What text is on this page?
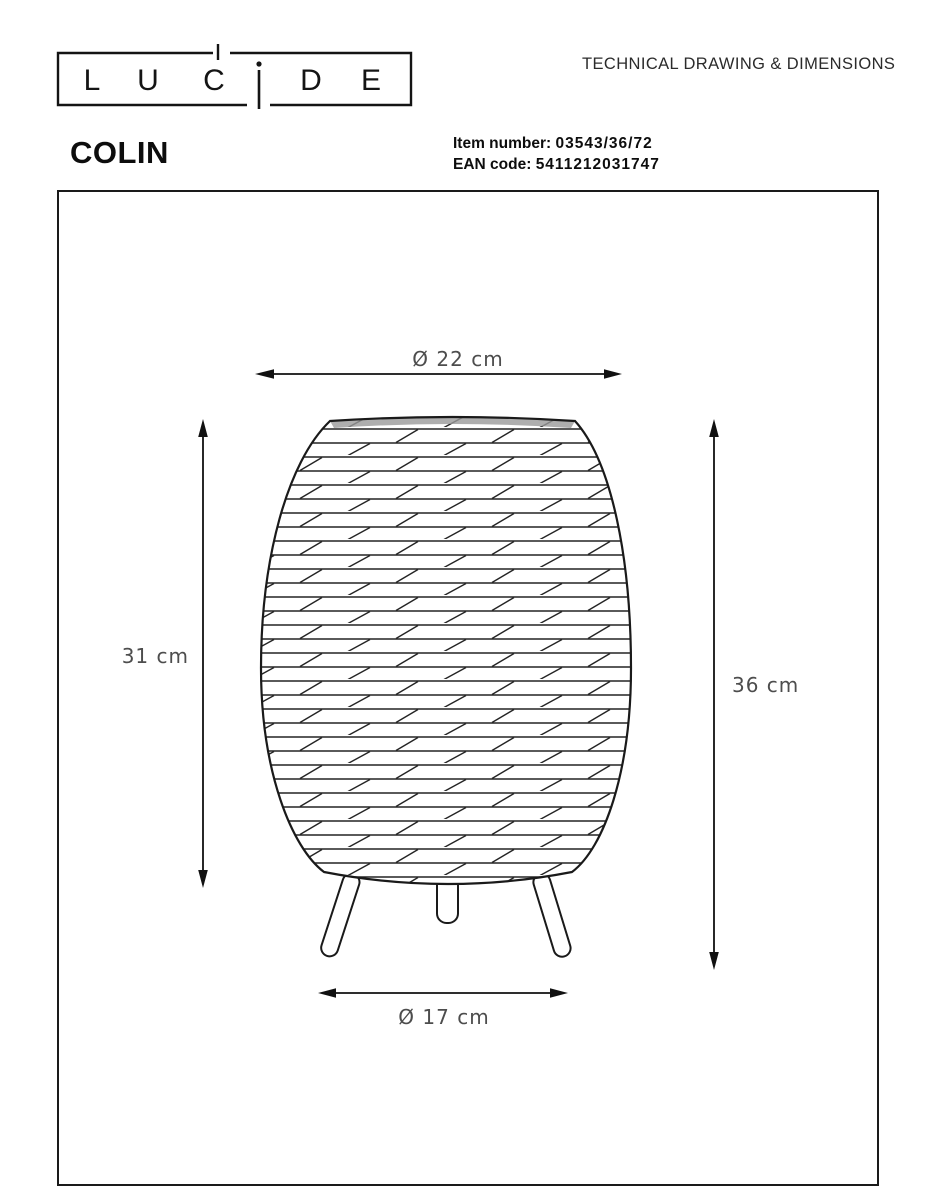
L U C	D E	TECHNICAL DRAWING & DIMENSIONS
COLIN	Item number: 03543/36/72
EAN code: 5411212031747
Ø 22 cm
31 cm
36 cm
Ø 17 cm
